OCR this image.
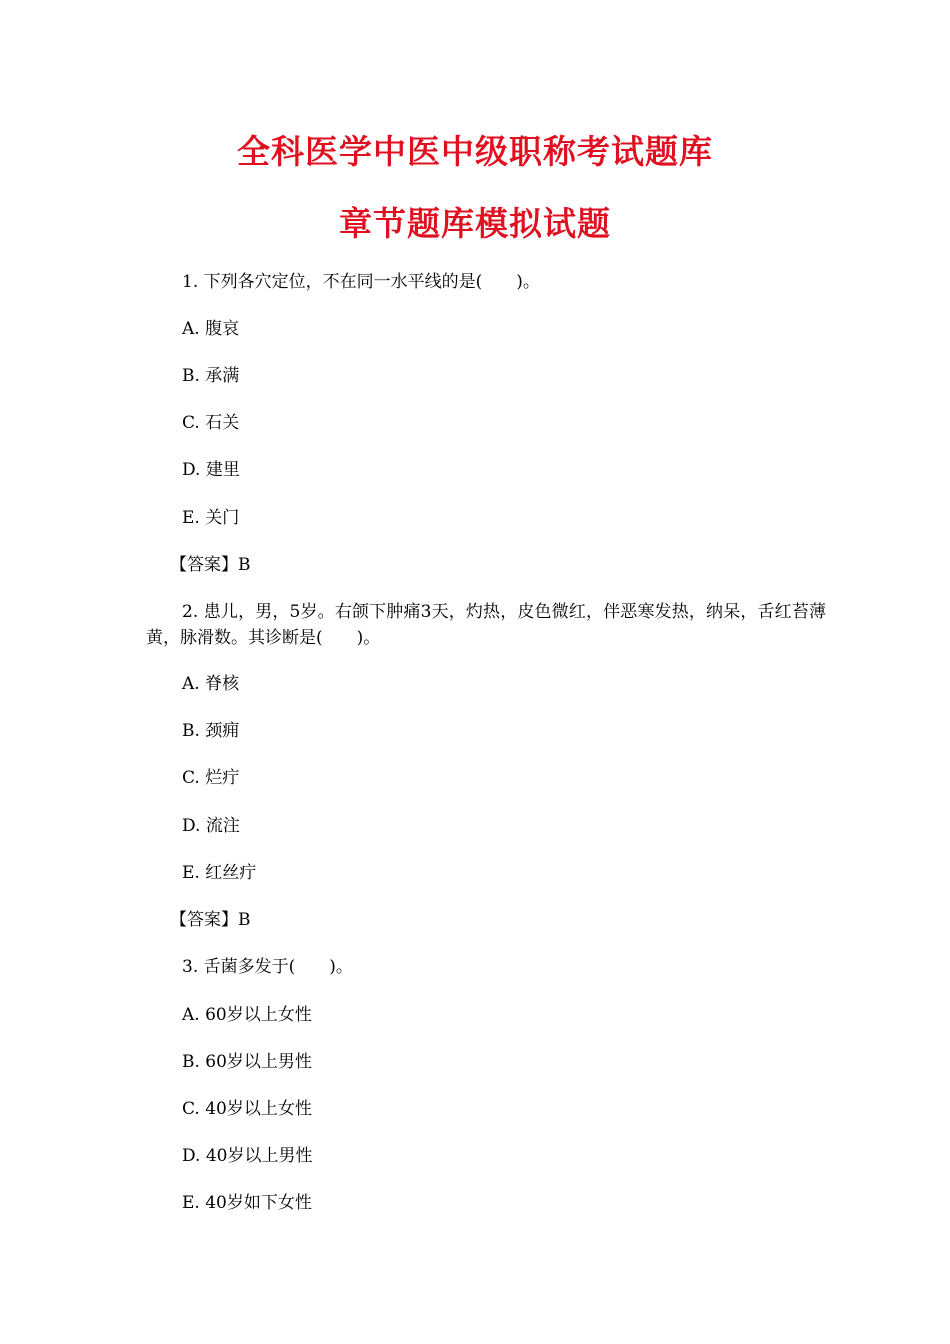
全科医学中医中级职称考试题库
章节题库模拟试题
1. 下列各穴定位，不在同一水平线的是(　　)。
A. 腹哀
B. 承满
C. 石关
D. 建里
E. 关门
【答案】B
2. 患儿，男，5岁。右颌下肿痛3天，灼热，皮色微红，伴恶寒发热，纳呆，舌红苔薄黄，脉滑数。其诊断是(　　)。
A. 脊核
B. 颈痈
C. 烂疔
D. 流注
E. 红丝疔
【答案】B
3. 舌菌多发于(　　)。
A. 60岁以上女性
B. 60岁以上男性
C. 40岁以上女性
D. 40岁以上男性
E. 40岁如下女性
